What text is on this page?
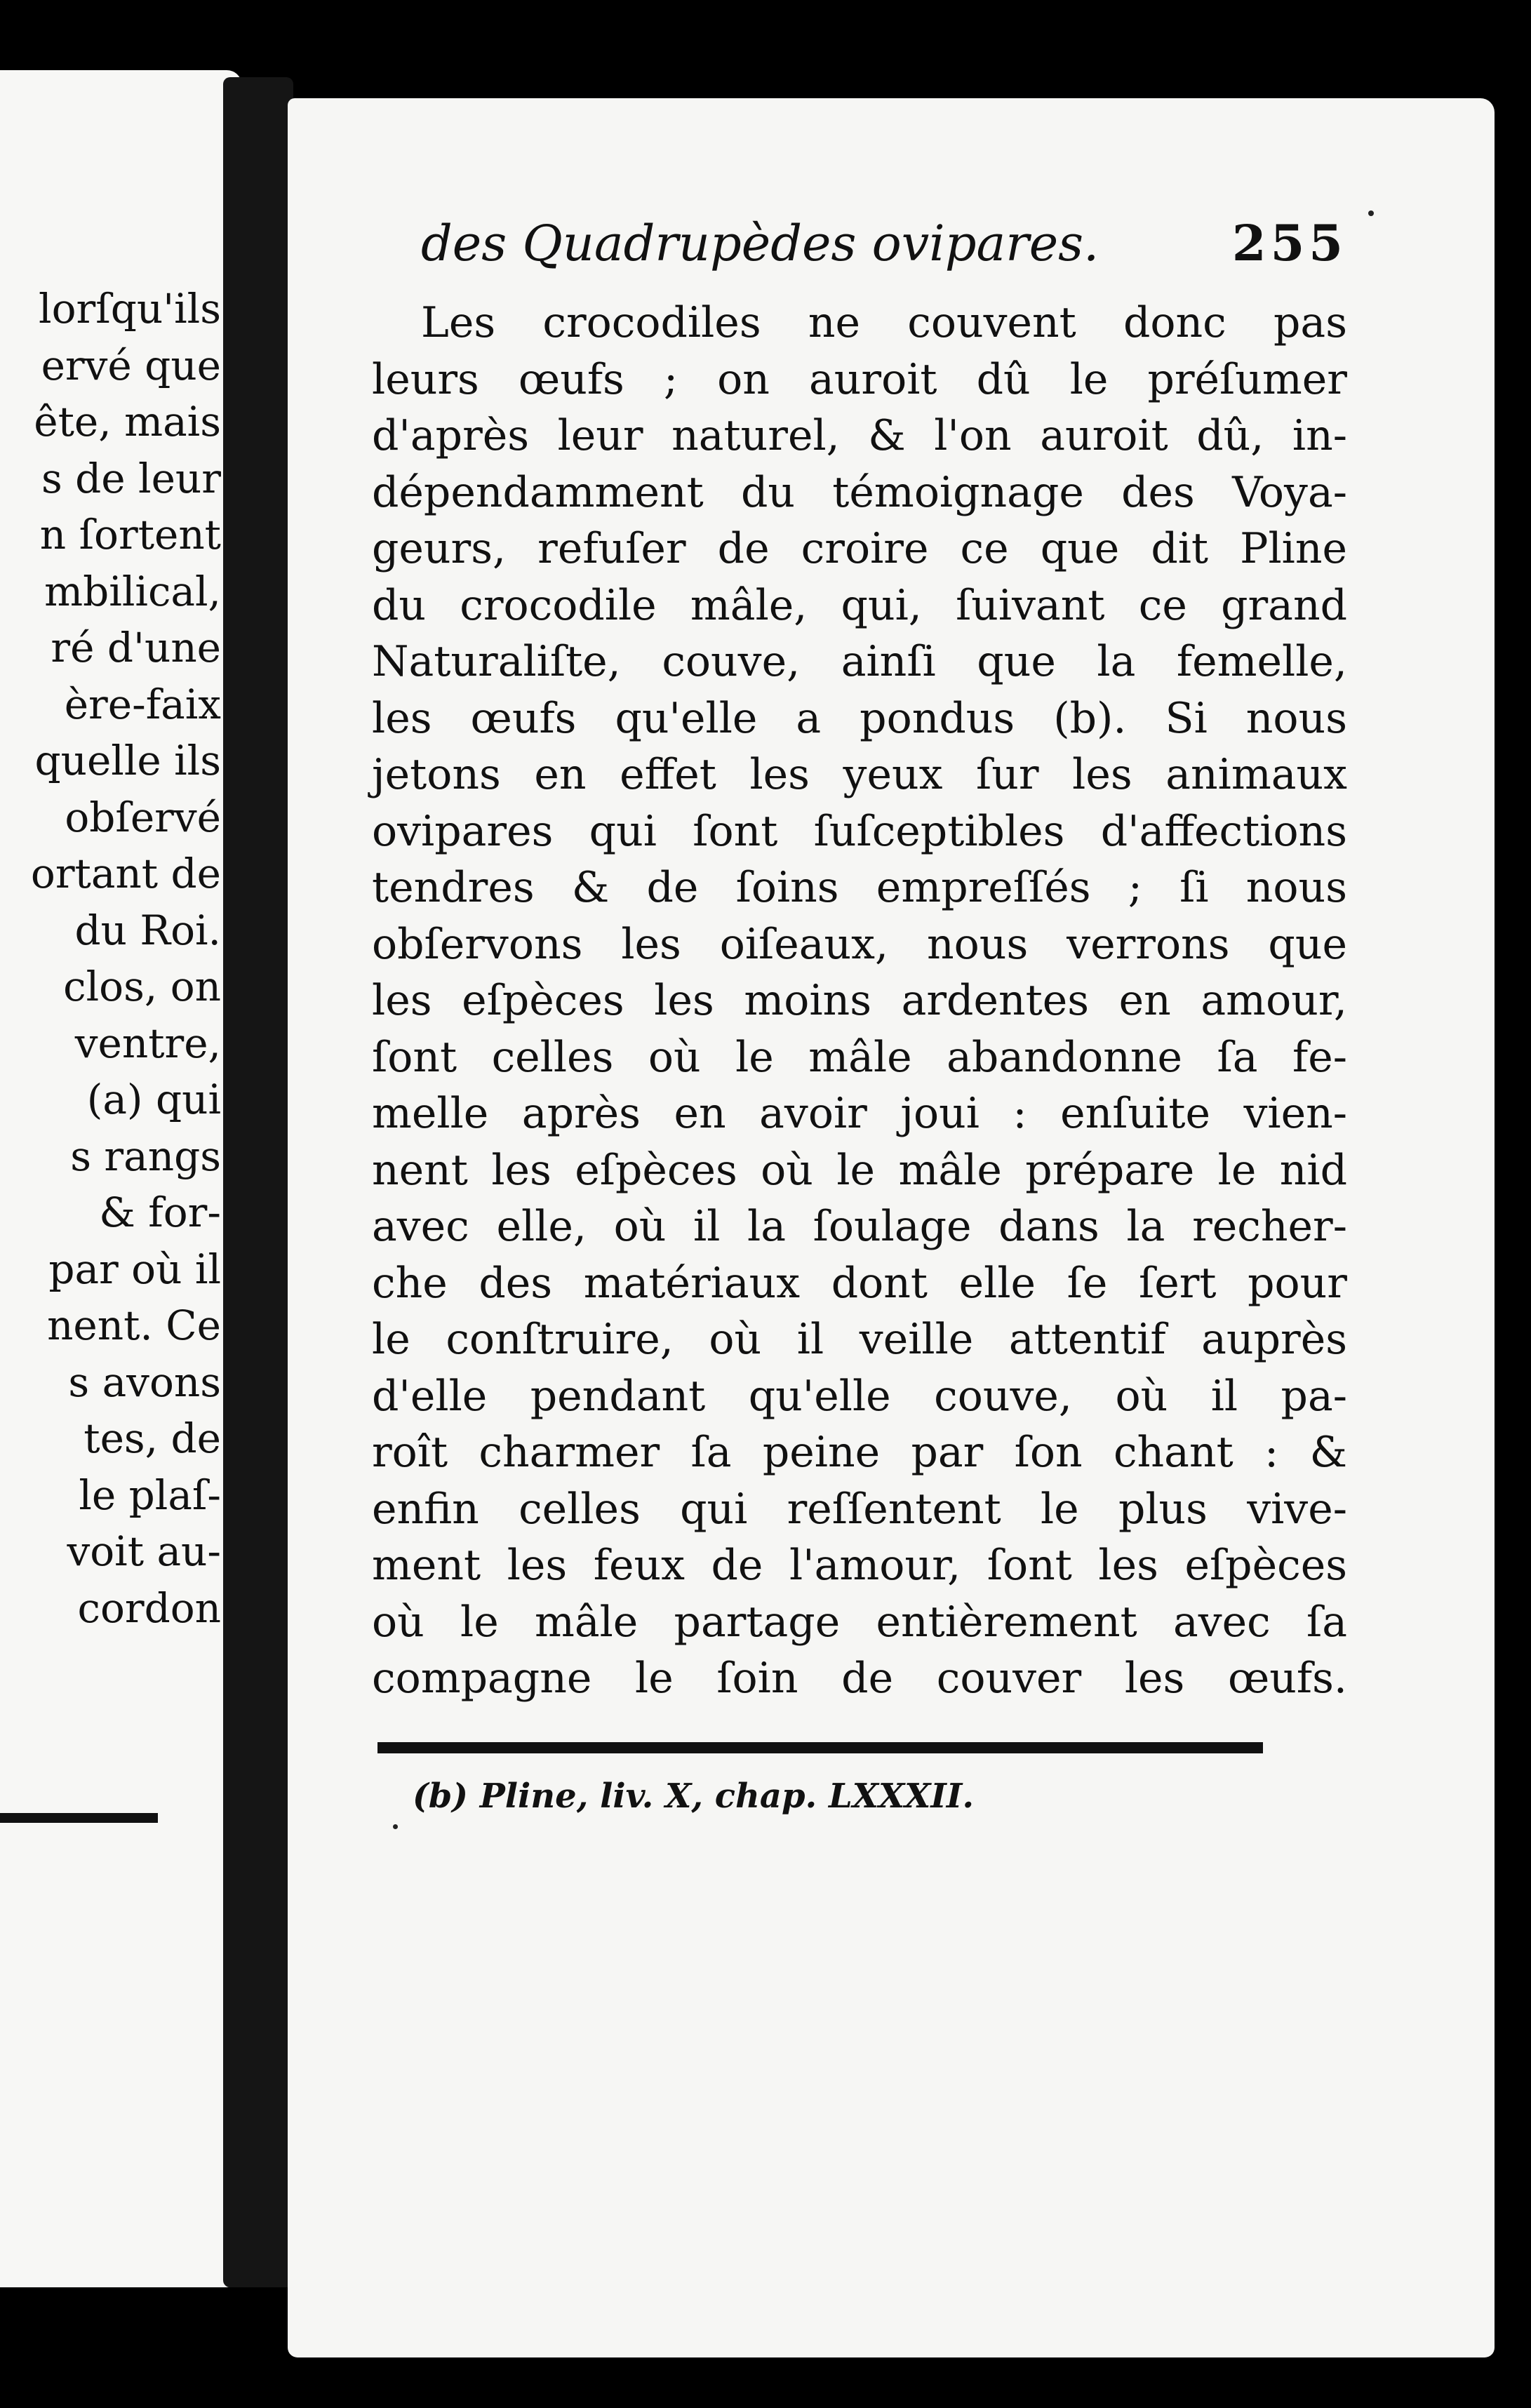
lorſqu'ils
ervé que
ête, mais
s de leur
n ſortent
mbilical,
ré d'une
ère-faix
quelle ils
obſervé
ortant de
du Roi.
clos, on
ventre,
(a) qui
s rangs
& for-
par où il
nent. Ce
s avons
tes, de
le plaſ-
voit au-
cordon
des Quadrupèdes ovipares.	255
Les crocodiles ne couvent donc pas
leurs œufs ; on auroit dû le préſumer
d'après leur naturel, & l'on auroit dû, in-
dépendamment du témoignage des Voya-
geurs, refuſer de croire ce que dit Pline
du crocodile mâle, qui, ſuivant ce grand
Naturaliſte, couve, ainſi que la femelle,
les œufs qu'elle a pondus (b). Si nous
jetons en effet les yeux ſur les animaux
ovipares qui ſont ſuſceptibles d'affections
tendres & de ſoins empreſſés ; ſi nous
obſervons les oiſeaux, nous verrons que
les eſpèces les moins ardentes en amour,
ſont celles où le mâle abandonne ſa fe-
melle après en avoir joui : enſuite vien-
nent les eſpèces où le mâle prépare le nid
avec elle, où il la ſoulage dans la recher-
che des matériaux dont elle ſe ſert pour
le conſtruire, où il veille attentif auprès
d'elle pendant qu'elle couve, où il pa-
roît charmer ſa peine par ſon chant : &
enfin celles qui reſſentent le plus vive-
ment les feux de l'amour, ſont les eſpèces
où le mâle partage entièrement avec ſa
compagne le ſoin de couver les œufs.
(b) Pline, liv. X, chap. LXXXII.
